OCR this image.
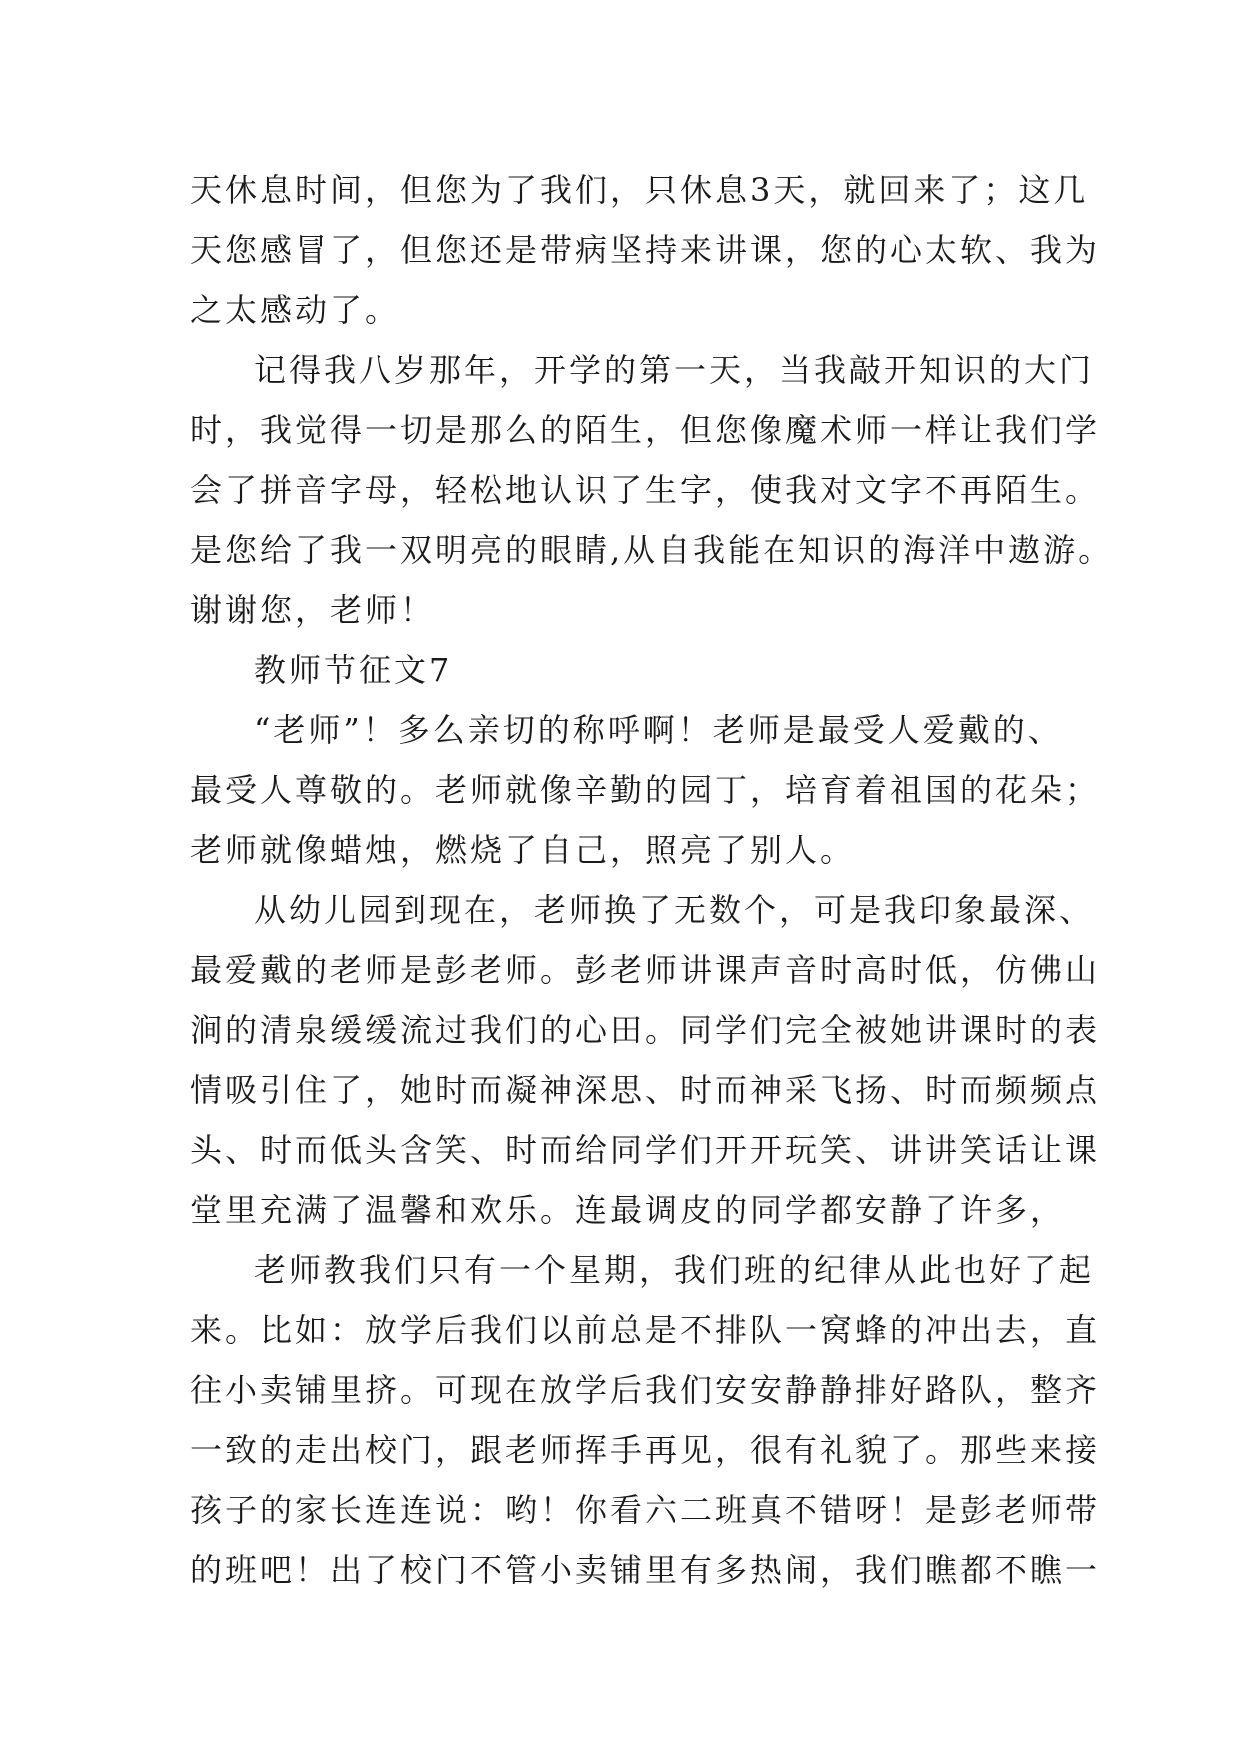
天休息时间，但您为了我们，只休息3天，就回来了；这几
天您感冒了，但您还是带病坚持来讲课，您的心太软、我为
之太感动了。
记得我八岁那年，开学的第一天，当我敲开知识的大门
时，我觉得一切是那么的陌生，但您像魔术师一样让我们学
会了拼音字母，轻松地认识了生字，使我对文字不再陌生。
是您给了我一双明亮的眼睛,从自我能在知识的海洋中遨游。
谢谢您，老师！
教师节征文7
“老师”！多么亲切的称呼啊！老师是最受人爱戴的、
最受人尊敬的。老师就像辛勤的园丁，培育着祖国的花朵；
老师就像蜡烛，燃烧了自己，照亮了别人。
从幼儿园到现在，老师换了无数个，可是我印象最深、
最爱戴的老师是彭老师。彭老师讲课声音时高时低，仿佛山
涧的清泉缓缓流过我们的心田。同学们完全被她讲课时的表
情吸引住了，她时而凝神深思、时而神采飞扬、时而频频点
头、时而低头含笑、时而给同学们开开玩笑、讲讲笑话让课
堂里充满了温馨和欢乐。连最调皮的同学都安静了许多，
老师教我们只有一个星期，我们班的纪律从此也好了起
来。比如：放学后我们以前总是不排队一窝蜂的冲出去，直
往小卖铺里挤。可现在放学后我们安安静静排好路队，整齐
一致的走出校门，跟老师挥手再见，很有礼貌了。那些来接
孩子的家长连连说：哟！你看六二班真不错呀！是彭老师带
的班吧！出了校门不管小卖铺里有多热闹，我们瞧都不瞧一
